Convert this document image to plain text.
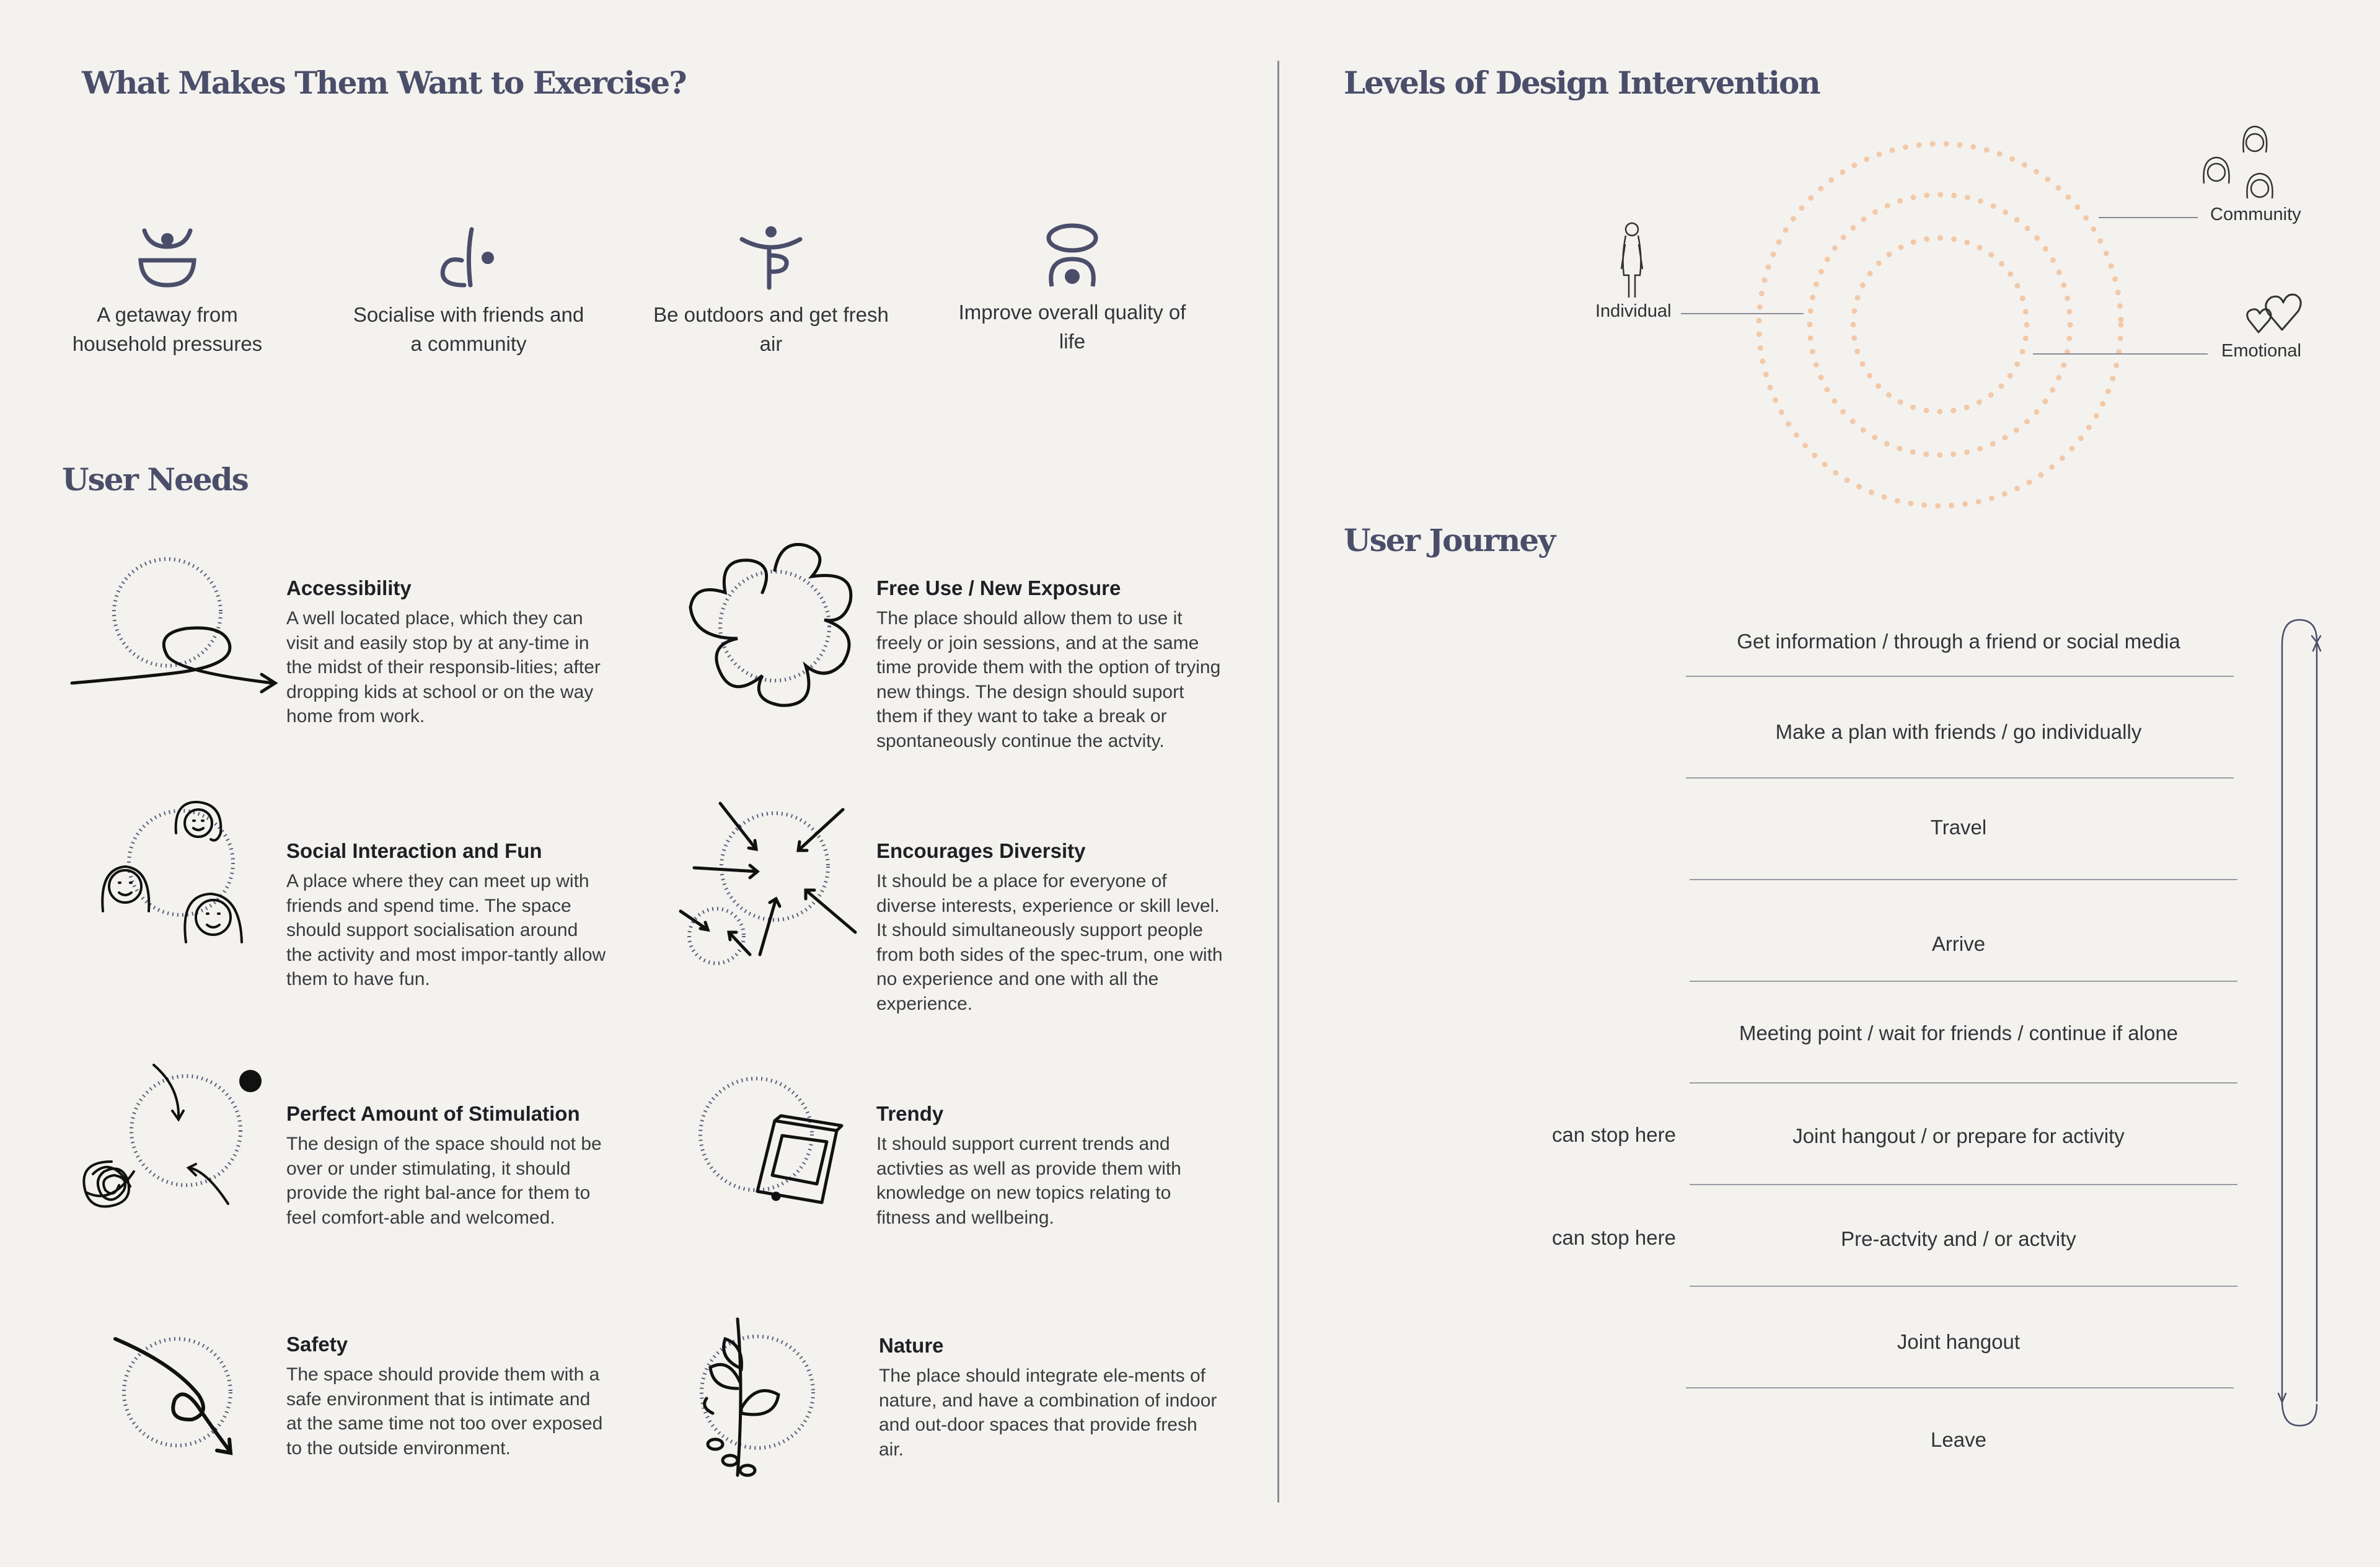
What Makes Them Want to Exercise?
A getaway from household pressures
Socialise with friends and a community
Be outdoors and get fresh air
Improve overall quality of life
User Needs
Accessibility
A well located place, which they can visit and easily stop by at any-time in the midst of their responsib-lities; after dropping kids at school or on the way home from work.
Free Use / New Exposure
The place should allow them to use it freely or join sessions, and at the same time provide them with the option of trying new things. The design should suport them if they want to take a break or spontaneously continue the actvity.
Social Interaction and Fun
A place where they can meet up with friends and spend time. The space should support socialisation around the activity and most impor-tantly allow them to have fun.
Encourages Diversity
It should be a place for everyone of diverse interests, experience or skill level. It should simultaneously support people from both sides of the spec-trum, one with no experience and one with all the experience.
Perfect Amount of Stimulation
The design of the space should not be over or under stimulating, it should provide the right bal-ance for them to feel comfort-able and welcomed.
Trendy
It should support current trends and activties as well as provide them with knowledge on new topics relating to fitness and wellbeing.
Safety
The space should provide them with a safe environment that is intimate and at the same time not too over exposed to the outside environment.
Nature
The place should integrate ele-ments of nature, and have a combination of indoor and out-door spaces that provide fresh air.
Levels of Design Intervention
Individual
Community
Emotional
User Journey
Get information / through a friend or social media
Make a plan with friends / go individually
Travel
Arrive
Meeting point / wait for friends / continue if alone
can stop here	Joint hangout / or prepare for activity
can stop here	Pre-actvity and / or actvity
Joint hangout
Leave
